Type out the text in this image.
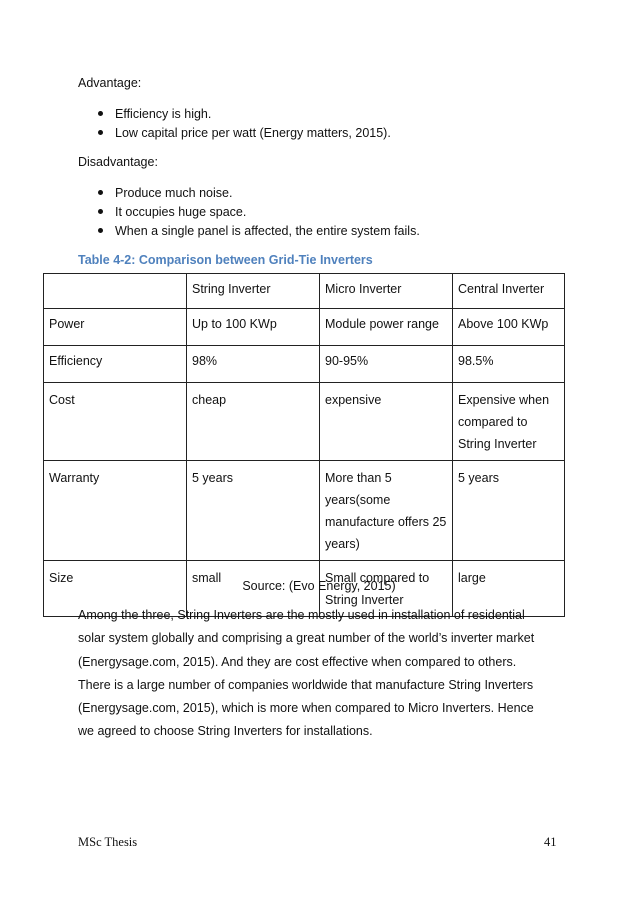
Advantage:
Efficiency is high.
Low capital price per watt (Energy matters, 2015).
Disadvantage:
Produce much noise.
It occupies huge space.
When a single panel is affected, the entire system fails.
Table 4-2: Comparison between Grid-Tie Inverters
	String Inverter	Micro Inverter	Central Inverter
Power	Up to 100 KWp	Module power range	Above 100 KWp
Efficiency	98%	90-95%	98.5%
Cost	cheap	expensive	Expensive when compared to String Inverter
Warranty	5 years	More than 5 years(some manufacture offers 25 years)	5 years
Size	small	Small compared to String Inverter	large
Source: (Evo Energy, 2015)
Among the three, String Inverters are the mostly used in installation of residential
solar system globally and comprising a great number of the world’s inverter market
(Energysage.com, 2015). And they are cost effective when compared to others.
There is a large number of companies worldwide that manufacture String Inverters
(Energysage.com, 2015), which is more when compared to Micro Inverters. Hence
we agreed to choose String Inverters for installations.
MSc Thesis	41
